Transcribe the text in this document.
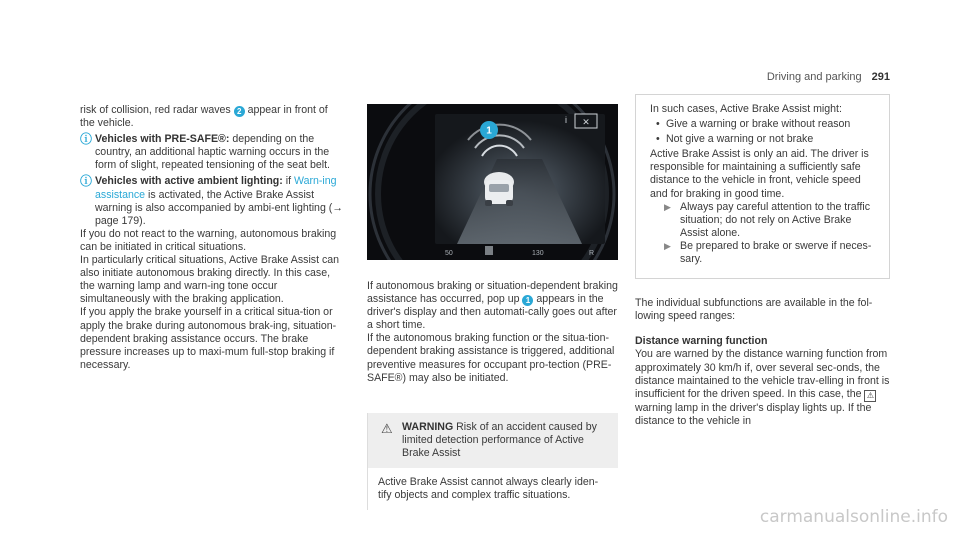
Driving and parking 291

risk of collision, red radar waves 2 appear in front of the vehicle.

ⓘ Vehicles with PRE-SAFE®: depending on the country, an additional haptic warning occurs in the form of slight, repeated tensioning of the seat belt.

ⓘ Vehicles with active ambient lighting: if Warn-ing assistance is activated, the Active Brake Assist warning is also accompanied by ambi-ent lighting (→ page 179).

If you do not react to the warning, autonomous braking can be initiated in critical situations.

In particularly critical situations, Active Brake Assist can also initiate autonomous braking directly. In this case, the warning lamp and warn-ing tone occur simultaneously with the braking application.

If you apply the brake yourself in a critical situa-tion or apply the brake during autonomous brak-ing, situation-dependent braking assistance occurs. The brake pressure increases up to maxi-mum full-stop braking if necessary.

1
i ✕
50	130	R

If autonomous braking or situation-dependent braking assistance has occurred, pop up 1 appears in the driver's display and then automati-cally goes out after a short time.

If the autonomous braking function or the situa-tion-dependent braking assistance is triggered, additional preventive measures for occupant pro-tection (PRE-SAFE®) may also be initiated.

⚠ WARNING Risk of an accident caused by limited detection performance of Active Brake Assist
Active Brake Assist cannot always clearly iden-tify objects and complex traffic situations.

In such cases, Active Brake Assist might:

• Give a warning or brake without reason

• Not give a warning or not brake

Active Brake Assist is only an aid. The driver is responsible for maintaining a sufficiently safe distance to the vehicle in front, vehicle speed and for braking in good time.

▶ Always pay careful attention to the traffic situation; do not rely on Active Brake Assist alone.

▶ Be prepared to brake or swerve if neces-sary.

The individual subfunctions are available in the fol-lowing speed ranges:

Distance warning function

You are warned by the distance warning function from approximately 30 km/h if, over several sec-onds, the distance maintained to the vehicle trav-elling in front is insufficient for the driven speed. In this case, the ⚠ warning lamp in the driver's display lights up. If the distance to the vehicle in

carmanualsonline.info
